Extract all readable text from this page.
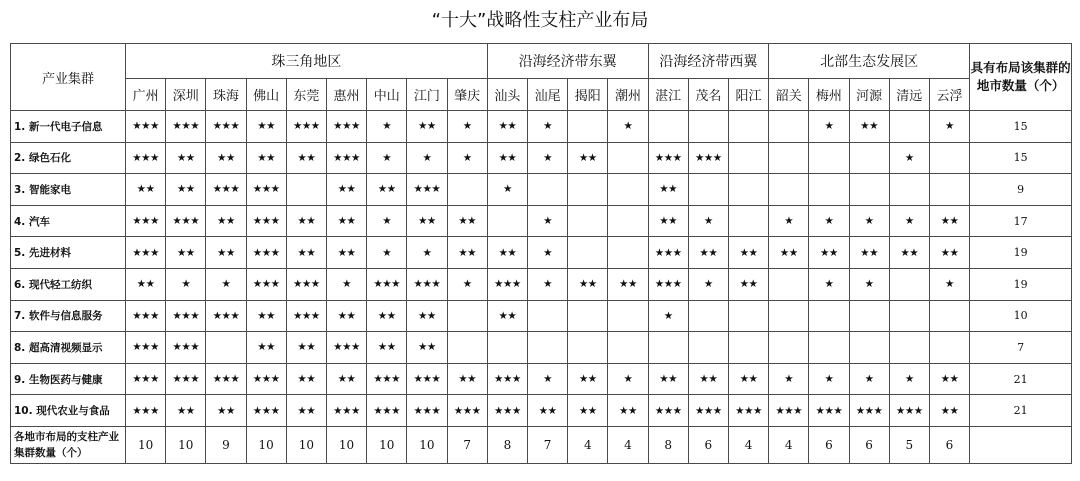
“十大”战略性支柱产业布局
产业集群	珠三角地区									沿海经济带东翼				沿海经济带西翼			北部生态发展区					具有布局该集群的地市数量（个）
	广州	深圳	珠海	佛山	东莞	惠州	中山	江门	肇庆	汕头	汕尾	揭阳	潮州	湛江	茂名	阳江	韶关	梅州	河源	清远	云浮	
1. 新一代电子信息	★★★	★★★	★★★	★★	★★★	★★★	★	★★	★	★★	★		★					★	★★		★	15
2. 绿色石化	★★★	★★	★★	★★	★★	★★★	★	★	★	★★	★	★★		★★★	★★★					★		15
3. 智能家电	★★	★★	★★★	★★★		★★	★★	★★★		★				★★								9
4. 汽车	★★★	★★★	★★	★★★	★★	★★	★	★★	★★		★			★★	★		★	★	★	★	★★	17
5. 先进材料	★★★	★★	★★	★★★	★★	★★	★	★	★★	★★	★			★★★	★★	★★	★★	★★	★★	★★	★★	19
6. 现代轻工纺织	★★	★	★	★★★	★★★	★	★★★	★★★	★	★★★	★	★★	★★	★★★	★	★★		★	★		★	19
7. 软件与信息服务	★★★	★★★	★★★	★★	★★★	★★	★★	★★		★★				★								10
8. 超高清视频显示	★★★	★★★		★★	★★	★★★	★★	★★														7
9. 生物医药与健康	★★★	★★★	★★★	★★★	★★	★★	★★★	★★★	★★	★★★	★	★★	★	★★	★★	★★	★	★	★	★	★★	21
10. 现代农业与食品	★★★	★★	★★	★★★	★★	★★★	★★★	★★★	★★★	★★★	★★	★★	★★	★★★	★★★	★★★	★★★	★★★	★★★	★★★	★★	21
各地市布局的支柱产业集群数量（个）	10	10	9	10	10	10	10	10	7	8	7	4	4	8	6	4	4	6	6	5	6	
